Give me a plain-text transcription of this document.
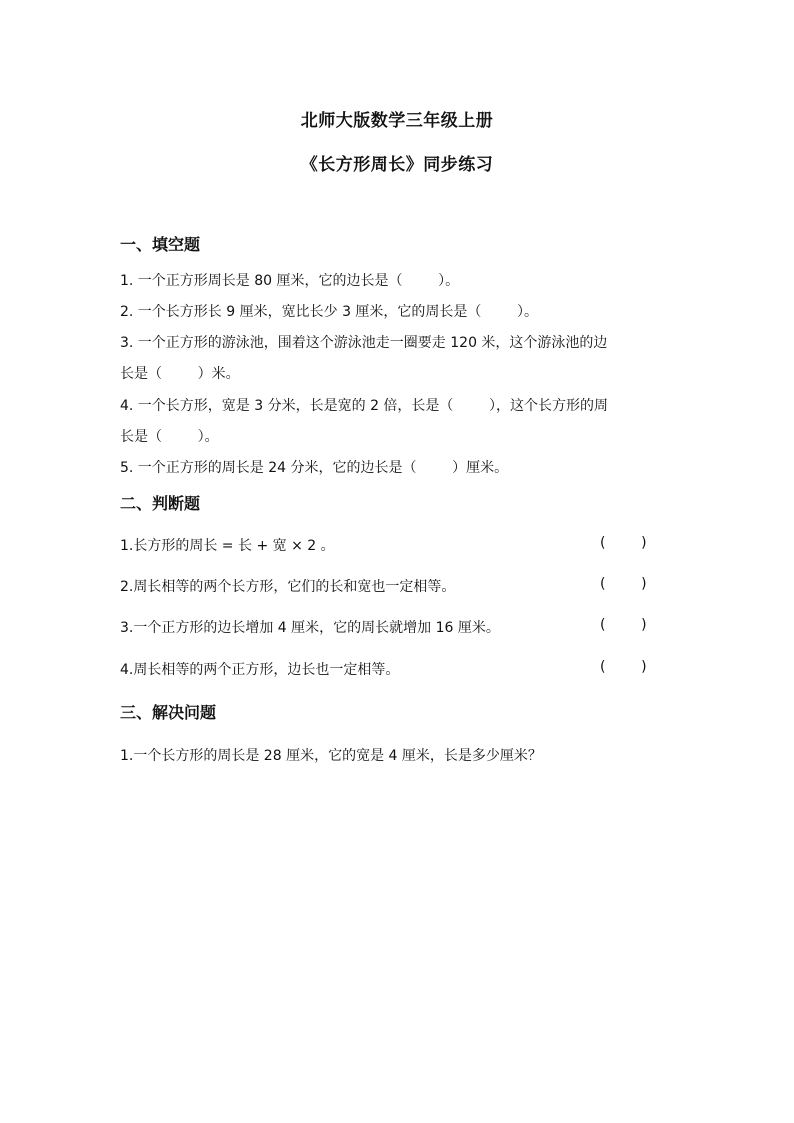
北师大版数学三年级上册
《长方形周长》同步练习
一、填空题
1. 一个正方形周长是 80 厘米，它的边长是（        ）。
2. 一个长方形长 9 厘米，宽比长少 3 厘米，它的周长是（        ）。
3. 一个正方形的游泳池，围着这个游泳池走一圈要走 120 米，这个游泳池的边
长是（        ）米。
4. 一个长方形，宽是 3 分米，长是宽的 2 倍，长是（        ），这个长方形的周
长是（        ）。
5. 一个正方形的周长是 24 分米，它的边长是（        ）厘米。
二、判断题
1.长方形的周长 = 长 + 宽 × 2 。	(        )
2.周长相等的两个长方形，它们的长和宽也一定相等。	(        )
3.一个正方形的边长增加 4 厘米，它的周长就增加 16 厘米。	(        )
4.周长相等的两个正方形，边长也一定相等。	(        )
三、解决问题
1.一个长方形的周长是 28 厘米，它的宽是 4 厘米，长是多少厘米？
